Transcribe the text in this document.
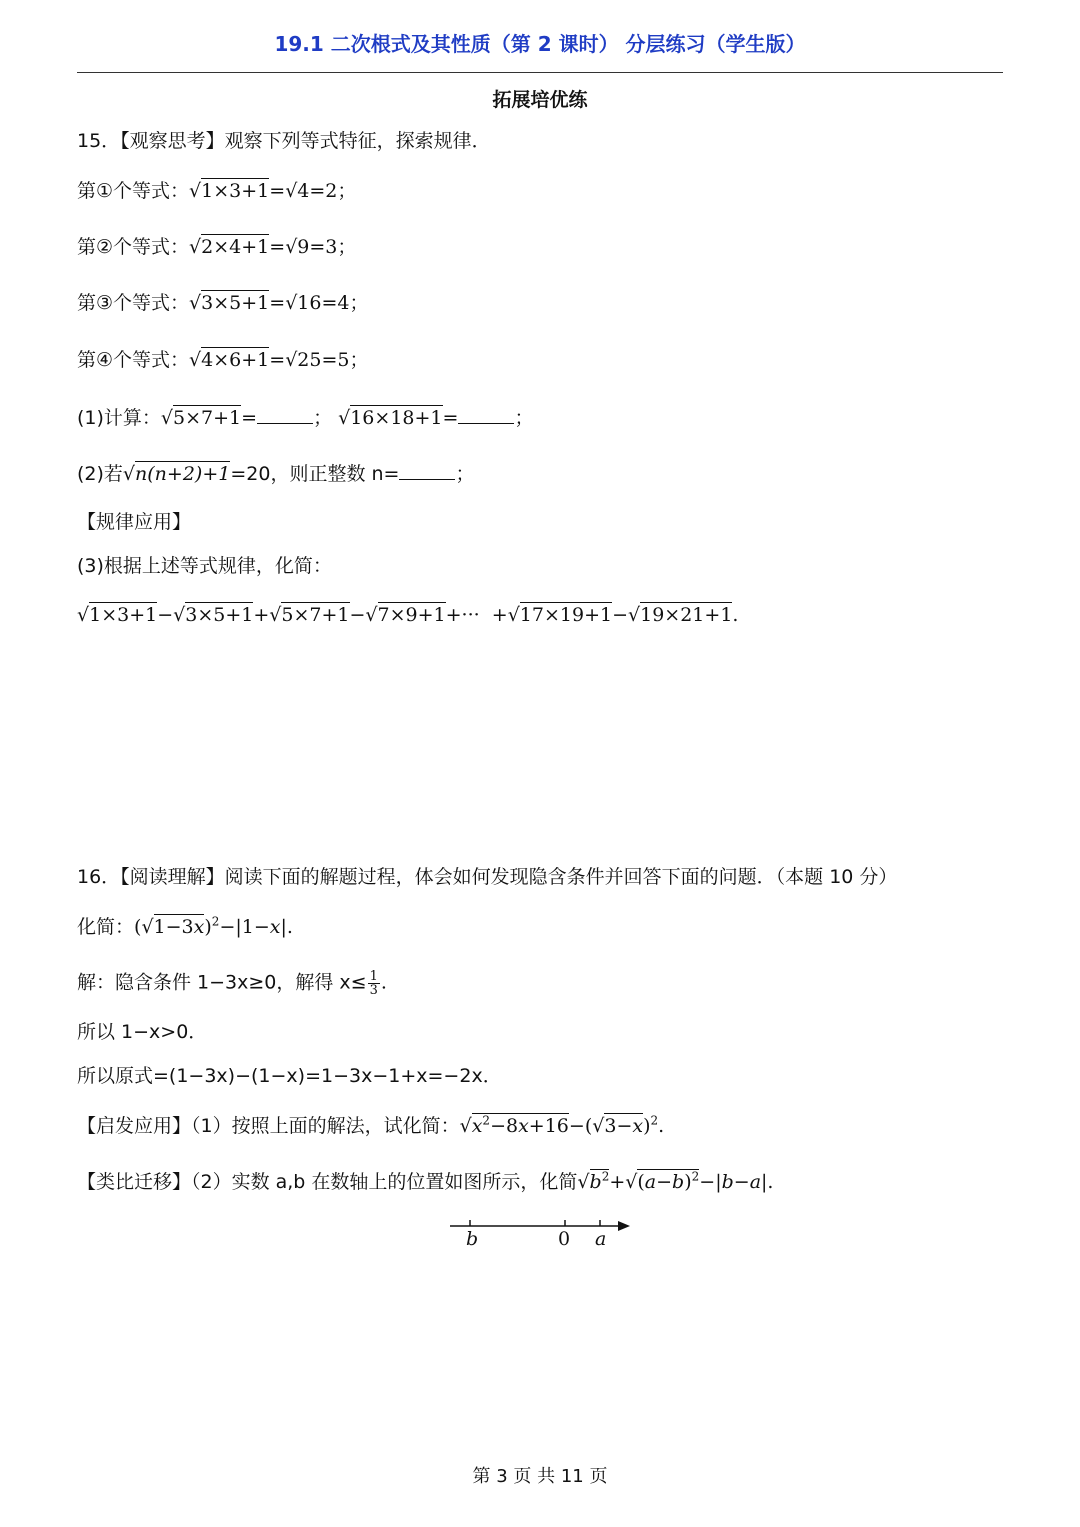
19.1 二次根式及其性质（第 2 课时） 分层练习（学生版）
拓展培优练
15．【观察思考】观察下列等式特征，探索规律．
第①个等式：√1×3+1=√4=2；
第②个等式：√2×4+1=√9=3；
第③个等式：√3×5+1=√16=4；
第④个等式：√4×6+1=√25=5；
(1)计算：√5×7+1=	； √16×18+1=	；
(2)若√n(n+2)+1=20，则正整数 n=	；
【规律应用】
(3)根据上述等式规律，化简：
√1×3+1−√3×5+1+√5×7+1−√7×9+1+···  +√17×19+1−√19×21+1.
16．【阅读理解】阅读下面的解题过程，体会如何发现隐含条件并回答下面的问题．（本题 10 分）
化简：$(√1-3x)^2-|1-x|$.
解：隐含条件 1−3x≥0，解得 $x\le \frac{1}{3}$ .
所以 1−x>0．
所以原式=(1−3x)−(1−x)=1−3x−1+x=−2x．
【启发应用】（1）按照上面的解法，试化简：$√x^2-8x+16-(√3-x)^2$.
【类比迁移】（2）实数 a,b 在数轴上的位置如图所示，化简$√b^2+√(a-b)^2-|b-a|$.
b	0 a
第 3 页 共 11 页
